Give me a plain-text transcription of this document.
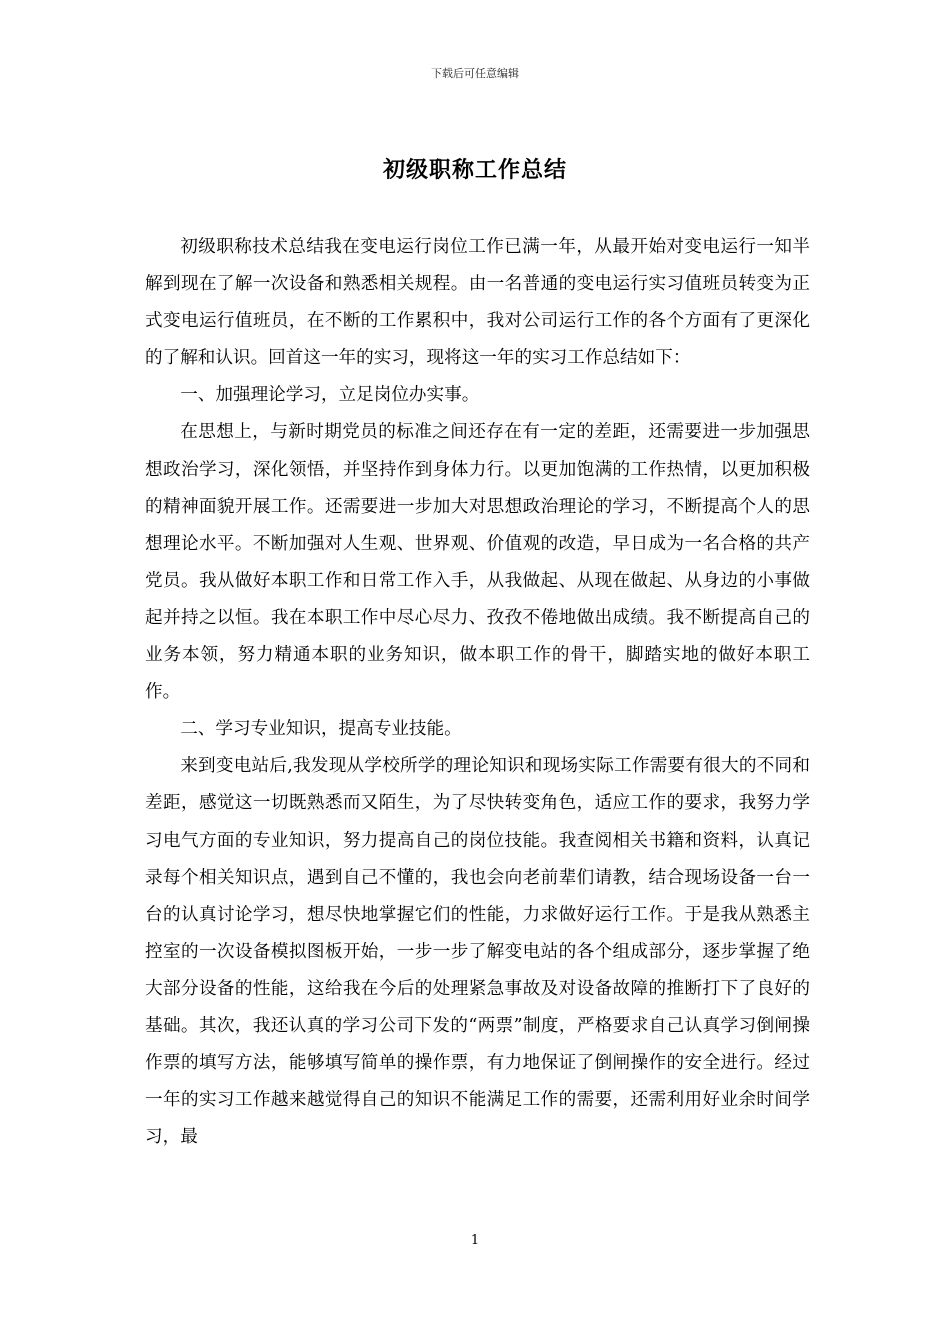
下载后可任意编辑
初级职称工作总结

初级职称技术总结我在变电运行岗位工作已满一年，从最开始对变电运行一知半解到现在了解一次设备和熟悉相关规程。由一名普通的变电运行实习值班员转变为正式变电运行值班员，在不断的工作累积中，我对公司运行工作的各个方面有了更深化的了解和认识。回首这一年的实习，现将这一年的实习工作总结如下：

一、加强理论学习，立足岗位办实事。

在思想上，与新时期党员的标准之间还存在有一定的差距，还需要进一步加强思想政治学习，深化领悟，并坚持作到身体力行。以更加饱满的工作热情，以更加积极的精神面貌开展工作。还需要进一步加大对思想政治理论的学习，不断提高个人的思想理论水平。不断加强对人生观、世界观、价值观的改造，早日成为一名合格的共产党员。我从做好本职工作和日常工作入手，从我做起、从现在做起、从身边的小事做起并持之以恒。我在本职工作中尽心尽力、孜孜不倦地做出成绩。我不断提高自己的业务本领，努力精通本职的业务知识，做本职工作的骨干，脚踏实地的做好本职工作。

二、学习专业知识，提高专业技能。

来到变电站后,我发现从学校所学的理论知识和现场实际工作需要有很大的不同和差距，感觉这一切既熟悉而又陌生，为了尽快转变角色，适应工作的要求，我努力学习电气方面的专业知识，努力提高自己的岗位技能。我查阅相关书籍和资料，认真记录每个相关知识点，遇到自己不懂的，我也会向老前辈们请教，结合现场设备一台一台的认真讨论学习，想尽快地掌握它们的性能，力求做好运行工作。于是我从熟悉主控室的一次设备模拟图板开始，一步一步了解变电站的各个组成部分，逐步掌握了绝大部分设备的性能，这给我在今后的处理紧急事故及对设备故障的推断打下了良好的基础。其次，我还认真的学习公司下发的“两票”制度，严格要求自己认真学习倒闸操作票的填写方法，能够填写简单的操作票，有力地保证了倒闸操作的安全进行。经过一年的实习工作越来越觉得自己的知识不能满足工作的需要，还需利用好业余时间学习，最

1
